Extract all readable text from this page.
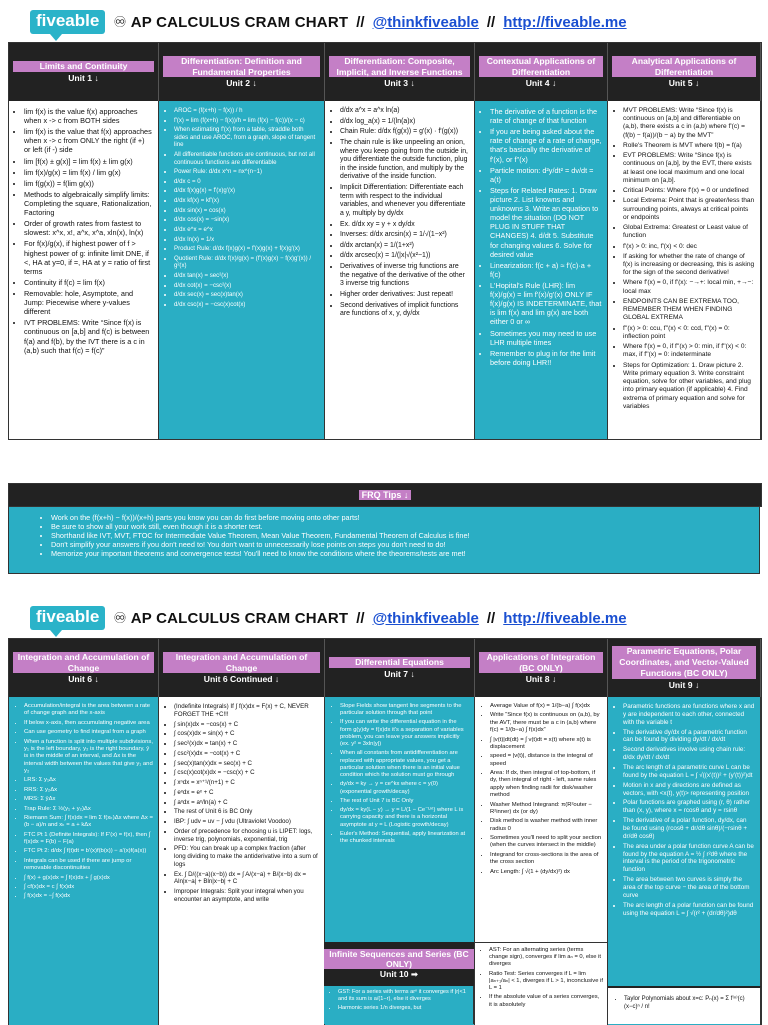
fiveable ♾ AP CALCULUS CRAM CHART // @thinkfiveable // http://fiveable.me
Limits and Continuity
Unit 1 ↓
Differentiation: Definition and Fundamental Properties
Unit 2 ↓
Differentiation: Composite, Implicit, and Inverse Functions
Unit 3 ↓
Contextual Applications of Differentiation
Unit 4 ↓
Analytical Applications of Differentiation
Unit 5 ↓
• lim f(x) is the value f(x) approaches when x -> c from BOTH sides
• lim f(x) is the value that f(x) approaches when x -> c from ONLY the right (if +) or left (if -) side
• lim [f(x) ± g(x)] = lim f(x) ± lim g(x)
• lim f(x)/g(x) = lim f(x) / lim g(x)
• lim f(g(x)) = f(lim g(x))
• Methods to algebraically simplify limits: Completing the square, Rationalization, Factoring
• Order of growth rates from fastest to slowest: x^x, x!, a^x, x^a, xln(x), ln(x)
• For f(x)/g(x), if highest power of f > highest power of g: infinite limit DNE, if <, HA at y=0, if =, HA at y = ratio of first terms
• Continuity if f(c) = lim f(x)
• Removable: hole, Asymptote, and Jump: Piecewise where y-values different
• IVT PROBLEMS: Write “Since f(x) is continuous on [a,b] and f(c) is between f(a) and f(b), by the IVT there is a c in (a,b) such that f(c) = f(c)”
• AROC = (f(x+h) − f(x)) / h
• f'(x) = lim (f(x+h) − f(x))/h = lim (f(x) − f(c))/(x − c)
• When estimating f'(x) from a table, straddle both sides and use AROC, from a graph, slope of tangent line
• All differentiable functions are continuous, but not all continuous functions are differentiable
• Power Rule: d/dx x^n = nx^(n−1)
• d/dx c = 0
• d/dx f(x)g(x) = f'(x)g'(x)
• d/dx kf(x) = kf'(x)
• d/dx sin(x) = cos(x)
• d/dx cos(x) = −sin(x)
• d/dx e^x = e^x
• d/dx ln(x) = 1/x
• Product Rule: d/dx f(x)g(x) = f'(x)g(x) + f(x)g'(x)
• Quotient Rule: d/dx f(x)/g(x) = (f'(x)g(x) − f(x)g'(x)) / g²(x)
• d/dx tan(x) = sec²(x)
• d/dx cot(x) = −csc²(x)
• d/dx sec(x) = sec(x)tan(x)
• d/dx csc(x) = −csc(x)cot(x)
• d/dx a^x = a^x ln(a)
• d/dx log_a(x) = 1/(ln(a)x)
• Chain Rule: d/dx f(g(x)) = g'(x) · f'(g(x))
• The chain rule is like unpeeling an onion, where you keep going from the outside in, you differentiate the outside function, plug in the inside function, and multiply by the derivative of the inside function.
• Implicit Differentiation: Differentiate each term with respect to the individual variables, and whenever you differentiate a y, multiply by dy/dx
• Ex. d/dx xy = y + x dy/dx
• Inverses: d/dx arcsin(x) = 1/√(1−x²)
• d/dx arctan(x) = 1/(1+x²)
• d/dx arcsec(x) = 1/(|x|√(x²−1))
• Derivatives of inverse trig functions are the negative of the derivative of the other 3 inverse trig functions
• Higher order derivatives: Just repeat!
• Second derivatives of implicit functions are functions of x, y, dy/dx
• The derivative of a function is the rate of change of that function
• If you are being asked about the rate of change of a rate of change, that's basically the derivative of f'(x), or f''(x)
• Particle motion: d²y/dt² = dv/dt = a(t)
• Steps for Related Rates: 1. Draw picture 2. List knowns and unknowns 3. Write an equation to model the situation (DO NOT PLUG IN STUFF THAT CHANGES) 4. d/dt 5. Substitute for changing values 6. Solve for desired value
• Linearization: f(c + a) ≈ f'(c)·a + f(c)
• L'Hopital's Rule (LHR): lim f(x)/g(x) = lim f'(x)/g'(x) ONLY IF f(x)/g(x) IS INDETERMINATE, that is lim f(x) and lim g(x) are both either 0 or ∞
• Sometimes you may need to use LHR multiple times
• Remember to plug in for the limit before doing LHR!!
• MVT PROBLEMS: Write “Since f(x) is continuous on [a,b] and differentiable on (a,b), there exists a c in (a,b) where f'(c) = (f(b) − f(a))/(b − a) by the MVT”
• Rolle's Theorem is MVT where f(b) = f(a)
• EVT PROBLEMS: Write “Since f(x) is continuous on [a,b], by the EVT, there exists at least one local maximum and one local minimum on [a,b].
• Critical Points: Where f'(x) = 0 or undefined
• Local Extrema: Point that is greater/less than surrounding points, always at critical points or endpoints
• Global Extrema: Greatest or Least value of function
• f'(x) > 0: inc, f'(x) < 0: dec
• If asking for whether the rate of change of f(x) is increasing or decreasing, this is asking for the sign of the second derivative!
• Where f'(x) = 0, if f'(x): −→+: local min, +→−: local max
• ENDPOINTS CAN BE EXTREMA TOO, REMEMBER THEM WHEN FINDING GLOBAL EXTREMA
• f''(x) > 0: ccu, f''(x) < 0: ccd, f''(x) = 0: inflection point
• Where f'(x) = 0, if f''(x) > 0: min, if f''(x) < 0: max, if f''(x) = 0: indeterminate
• Steps for Optimization: 1. Draw picture 2. Write primary equation 3. Write constraint equation, solve for other variables, and plug into primary equation (if applicable) 4. Find extrema of primary equation and solve for variables
FRQ Tips ↓
• Work on the (f(x+h) − f(x))/(x+h) parts you know you can do first before moving onto other parts!
• Be sure to show all your work still, even though it is a shorter test.
• Shorthand like IVT, MVT, FTOC for Intermediate Value Theorem, Mean Value Theorem, Fundamental Theorem of Calculus is fine!
• Don't simplify your answers if you don't need to! You don't want to unnecessarily lose points on steps you don't need to do!
• Memorize your important theorems and convergence tests! You'll need to know the conditions where the theorems/tests are met!
fiveable ♾ AP CALCULUS CRAM CHART // @thinkfiveable // http://fiveable.me
Integration and Accumulation of Change
Unit 6 ↓
Integration and Accumulation of Change
Unit 6 Continued ↓
Differential Equations
Unit 7 ↓
Applications of Integration (BC ONLY)
Unit 8 ↓
Parametric Equations, Polar Coordinates, and Vector-Valued Functions (BC ONLY)
Unit 9 ↓
• Accumulation/integral is the area between a rate of change graph and the x-axis
• If below x-axis, then accumulating negative area
• Can use geometry to find integral from a graph
• When a function is split into multiple subdivisions, y₁ is the left boundary, y₂ is the right boundary, ȳ is in the middle of an interval, and Δx is the interval width between the values that give y₁ and y₂
• LRS: Σ y₁Δx
• RRS: Σ y₂Δx
• MRS: Σ ȳΔx
• Trap Rule: Σ ½(y₁ + y₂)Δx
• Riemann Sum: ∫ f(x)dx = lim Σ f(xₖ)Δx where Δx = (b − a)/n and xₖ = a + kΔx
• FTC Pt 1 (Definite Integrals): If F'(x) = f(x), then ∫ f(x)dx = F(b) − F(a)
• FTC Pt 2: d/dx ∫ f(t)dt = b'(x)f(b(x)) − a'(x)f(a(x))
• Integrals can be used if there are jump or removable discontinuities
• ∫ f(x) + g(x)dx = ∫ f(x)dx + ∫ g(x)dx
• ∫ cf(x)dx = c ∫ f(x)dx
• ∫ f(x)dx = −∫ f(x)dx
• (Indefinite Integrals) If ∫ f(x)dx = F(x) + C, NEVER FORGET THE +C!!!
• ∫ sin(x)dx = −cos(x) + C
• ∫ cos(x)dx = sin(x) + C
• ∫ sec²(x)dx = tan(x) + C
• ∫ csc²(x)dx = −cot(x) + C
• ∫ sec(x)tan(x)dx = sec(x) + C
• ∫ csc(x)cot(x)dx = −csc(x) + C
• ∫ xⁿdx = xⁿ⁺¹/(n+1) + C
• ∫ eˣdx = eˣ + C
• ∫ aˣdx = aˣ/ln(a) + C
• The rest of Unit 6 is BC Only
• IBP: ∫ udv = uv − ∫ vdu (Ultraviolet Voodoo)
• Order of precedence for choosing u is LIPET: logs, inverse trig, polynomials, exponential, trig
• PFD: You can break up a complex fraction (after long dividing to make the antiderivative into a sum of logs
• Ex. ∫ D/((x−a)(x−b)) dx = ∫ A/(x−a) + B/(x−b) dx = Aln|x−a| + Bln|x−b| + C
• Improper Integrals: Split your integral when you encounter an asymptote, and write
• Slope Fields show tangent line segments to the particular solution through that point
• If you can write the differential equation in the form g(y)dy = f(x)dx it's a separation of variables problem, you can leave your answers implicitly (ex. y² = 3xln|y|)
• When all constants from antidifferentiation are replaced with appropriate values, you get a particular solution when there is an initial value condition which the solution must go through
• dy/dx = ky → y = ce^kx where c = y(0) (exponential growth/decay)
• The rest of Unit 7 is BC Only
• dy/dx = ky(L − y) → y = L/(1 − Ce⁻ᴸᵏᵗ) where L is carrying capacity and there is a horizontal asymptote at y = L (Logistic growth/decay)
• Euler's Method: Sequential, apply linearization at the chunked intervals
• Average Value of f(x) = 1/(b−a) ∫ f(x)dx
• Write “Since f(x) is continuous on (a,b), by the AVT, there must be a c in (a,b) where f(c) = 1/(b−a) ∫ f(x)dx”
• ∫ |v(t)|dt(dt) = ∫ v(t)dt = x(t) where x(t) is displacement
• speed = |v(t)|, distance is the integral of speed
• Area: If dx, then integral of top-bottom, if dy, then integral of right - left, same rules apply when finding radii for disk/washer method
• Washer Method Integrand: π(R²outer − R²inner) dx (or dy)
• Disk method is washer method with inner radius 0
• Sometimes you'll need to split your section (when the curves intersect in the middle)
• Integrand for cross-sections is the area of the cross section
• Arc Length: ∫ √(1 + (dy/dx)²) dx
• Parametric functions are functions where x and y are independent to each other, connected with the variable t
• The derivative dy/dx of a parametric function can be found by dividing dy/dt / dx/dt
• Second derivatives involve using chain rule: d/dx dy/dt / dx/dt
• The arc length of a parametric curve L can be found by the equation L = ∫ √((x'(t))² + (y'(t))²)dt
• Motion in x and y directions are defined as vectors, with <x(t), y(t)> representing position
• Polar functions are graphed using (r, θ) rather than (x, y), where x = rcosθ and y = rsinθ
• The derivative of a polar function, dy/dx, can be found using (rcosθ + dr/dθ sinθ)/(−rsinθ + dr/dθ cosθ)
• The area under a polar function curve A can be found by the equation A = ½ ∫ r²dθ where the interval is the period of the trigonometric function
• The area between two curves is simply the area of the top curve − the area of the bottom curve
• The arc length of a polar function can be found using the equation L = ∫ √(r² + (dr/dθ)²)dθ
Infinite Sequences and Series (BC ONLY)
Unit 10 ➡
• GST: For a series with terms arⁿ it converges if |r|<1 and its sum is a/(1−r), else it diverges
• Harmonic series 1/n diverges, but
• AST: For an alternating series (terms change sign), converges if lim aₙ = 0, else it diverges
• Ratio Test: Series converges if L = lim |aₙ₊₁/aₙ| < 1, diverges if L > 1, inconclusive if L = 1
• If the absolute value of a series converges, it is absolutely
• Taylor Polynomials about x=c: Pₙ(x) = Σ f⁽ⁿ⁾(c)(x−c)ⁿ / n!
